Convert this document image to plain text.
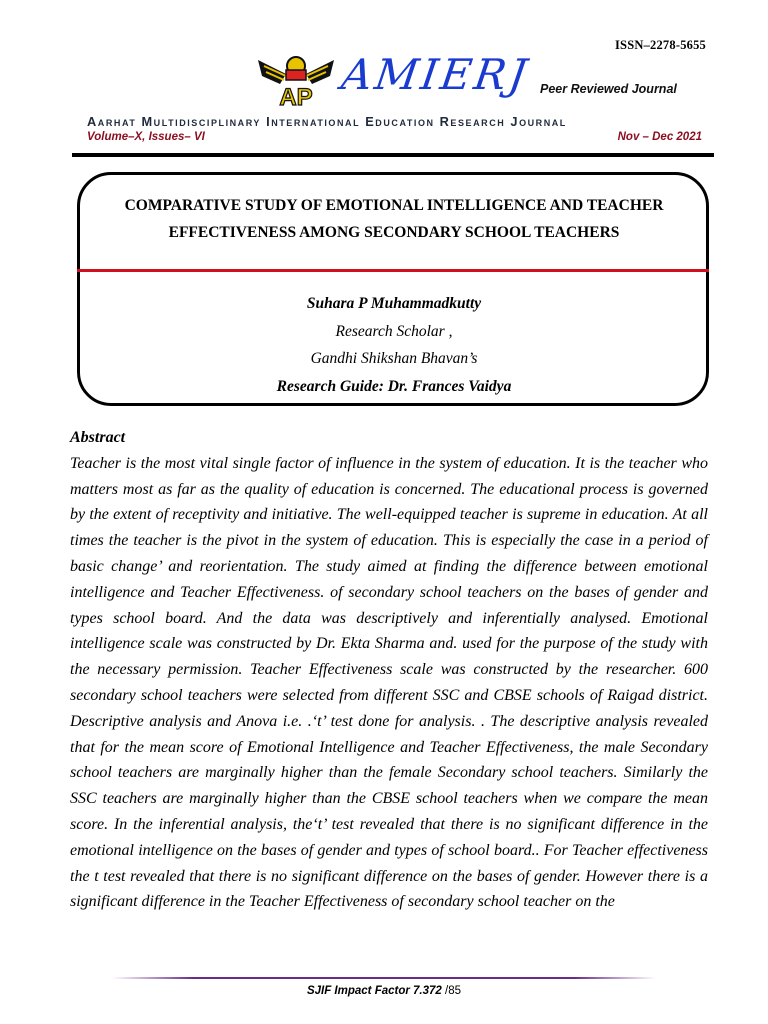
ISSN–2278-5655
AP AMIERJ Peer Reviewed Journal
Aarhat Multidisciplinary International Education Research Journal
Volume–X, Issues– VI	Nov – Dec 2021
COMPARATIVE STUDY OF EMOTIONAL INTELLIGENCE AND TEACHER EFFECTIVENESS AMONG SECONDARY SCHOOL TEACHERS
Suhara P Muhammadkutty
Research Scholar ,
Gandhi Shikshan Bhavan’s
Research Guide: Dr. Frances Vaidya
Abstract
Teacher is the most vital single factor of influence in the system of education. It is the teacher who matters most as far as the quality of education is concerned. The educational process is governed by the extent of receptivity and initiative. The well-equipped teacher is supreme in education. At all times the teacher is the pivot in the system of education. This is especially the case in a period of basic change’ and reorientation. The study aimed at finding the difference between emotional intelligence and Teacher Effectiveness. of secondary school teachers on the bases of gender and types school board. And the data was descriptively and inferentially analysed. Emotional intelligence scale was constructed by Dr. Ekta Sharma and. used for the purpose of the study with the necessary permission. Teacher Effectiveness scale was constructed by the researcher. 600 secondary school teachers were selected from different SSC and CBSE schools of Raigad district. Descriptive analysis and Anova i.e. .‘t’ test done for analysis. . The descriptive analysis revealed that for the mean score of Emotional Intelligence and Teacher Effectiveness, the male Secondary school teachers are marginally higher than the female Secondary school teachers. Similarly the SSC teachers are marginally higher than the CBSE school teachers when we compare the mean score. In the inferential analysis, the‘t’ test revealed that there is no significant difference in the emotional intelligence on the bases of gender and types of school board.. For Teacher effectiveness the t test revealed that there is no significant difference on the bases of gender. However there is a significant difference in the Teacher Effectiveness of secondary school teacher on the
SJIF Impact Factor 7.372 /85
